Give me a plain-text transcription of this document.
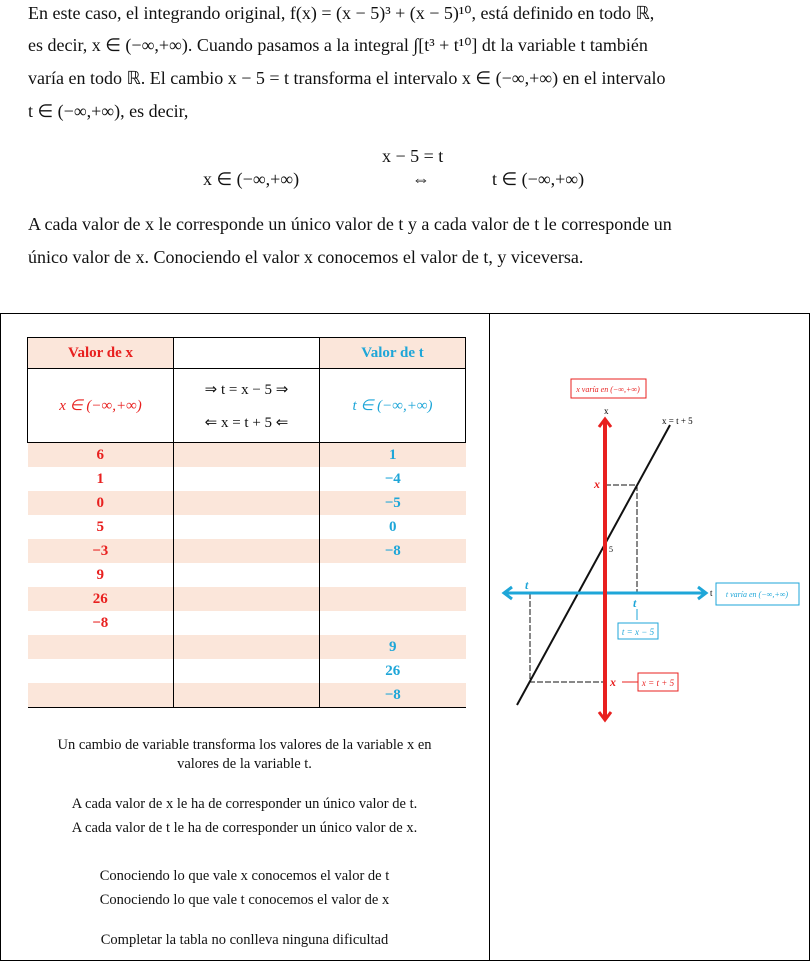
En este caso, el integrando original, f(x) = (x − 5)³ + (x − 5)¹⁰, está definido en todo ℝ,
es decir, x ∈ (−∞,+∞). Cuando pasamos a la integral ∫[t³ + t¹⁰] dt la variable t también
varía en todo ℝ. El cambio x − 5 = t transforma el intervalo x ∈ (−∞,+∞) en el intervalo
t ∈ (−∞,+∞), es decir,
x − 5 = t
x ∈ (−∞,+∞)	⇔	t ∈ (−∞,+∞)
A cada valor de x le corresponde un único valor de t y a cada valor de t le corresponde un
único valor de x. Conociendo el valor x conocemos el valor de t, y viceversa.
Valor de x		Valor de t
x ∈ (−∞,+∞)	⇒ t = x − 5 ⇒
⇐ x = t + 5 ⇐	t ∈ (−∞,+∞)
6		1
1		−4
0		−5
5		0
−3		−8
9		
26		
−8		
		9
		26
		−8
Un cambio de variable transforma los valores de la variable x en
valores de la variable t.
A cada valor de x le ha de corresponder un único valor de t.
A cada valor de t le ha de corresponder un único valor de x.
Conociendo lo que vale x conocemos el valor de t
Conociendo lo que vale t conocemos el valor de x
Completar la tabla no conlleva ninguna dificultad
x varía en (−∞,+∞)
x = t + 5
x
t
5
x
x
t
t
t = x − 5
x = t + 5
t varía en (−∞,+∞)
